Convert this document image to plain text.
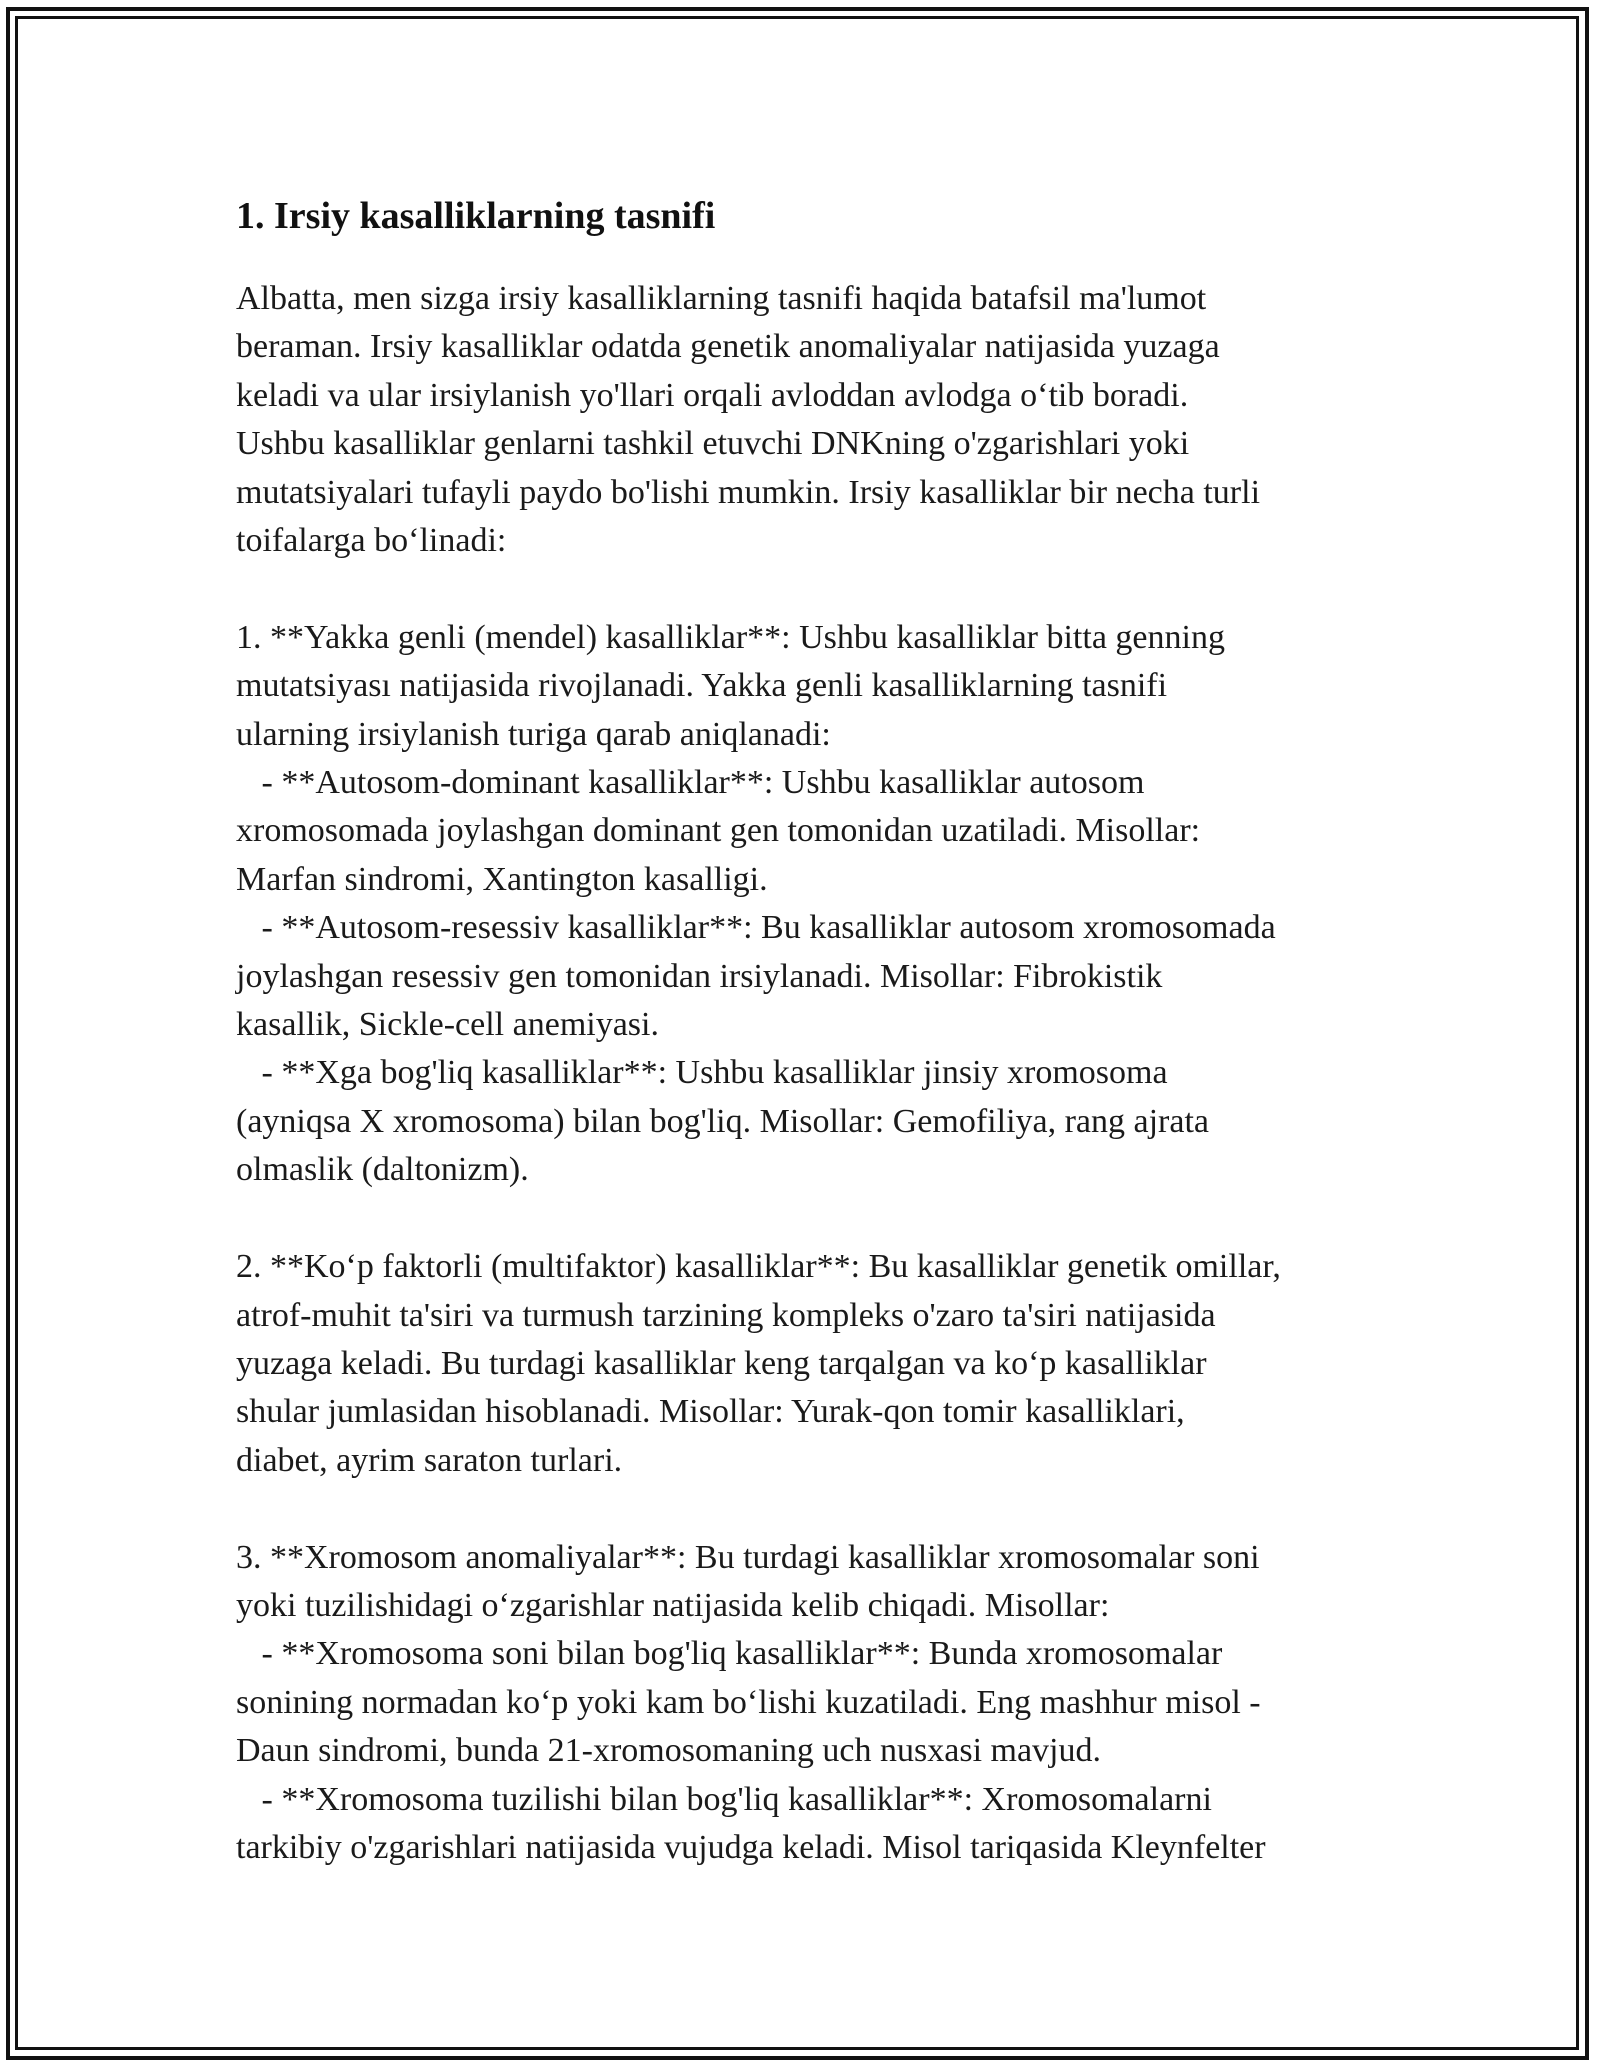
1. Irsiy kasalliklarning tasnifi

Albatta, men sizga irsiy kasalliklarning tasnifi haqida batafsil ma'lumot
beraman. Irsiy kasalliklar odatda genetik anomaliyalar natijasida yuzaga
keladi va ular irsiylanish yo'llari orqali avloddan avlodga o‘tib boradi.
Ushbu kasalliklar genlarni tashkil etuvchi DNKning o'zgarishlari yoki
mutatsiyalari tufayli paydo bo'lishi mumkin. Irsiy kasalliklar bir necha turli
toifalarga bo‘linadi:

1. **Yakka genli (mendel) kasalliklar**: Ushbu kasalliklar bitta genning
mutatsiyası natijasida rivojlanadi. Yakka genli kasalliklarning tasnifi
ularning irsiylanish turiga qarab aniqlanadi:
- **Autosom-dominant kasalliklar**: Ushbu kasalliklar autosom
xromosomada joylashgan dominant gen tomonidan uzatiladi. Misollar:
Marfan sindromi, Xantington kasalligi.
- **Autosom-resessiv kasalliklar**: Bu kasalliklar autosom xromosomada
joylashgan resessiv gen tomonidan irsiylanadi. Misollar: Fibrokistik
kasallik, Sickle-cell anemiyasi.
- **Xga bog'liq kasalliklar**: Ushbu kasalliklar jinsiy xromosoma
(ayniqsa X xromosoma) bilan bog'liq. Misollar: Gemofiliya, rang ajrata
olmaslik (daltonizm).

2. **Ko‘p faktorli (multifaktor) kasalliklar**: Bu kasalliklar genetik omillar,
atrof-muhit ta'siri va turmush tarzining kompleks o'zaro ta'siri natijasida
yuzaga keladi. Bu turdagi kasalliklar keng tarqalgan va ko‘p kasalliklar
shular jumlasidan hisoblanadi. Misollar: Yurak-qon tomir kasalliklari,
diabet, ayrim saraton turlari.

3. **Xromosom anomaliyalar**: Bu turdagi kasalliklar xromosomalar soni
yoki tuzilishidagi o‘zgarishlar natijasida kelib chiqadi. Misollar:
- **Xromosoma soni bilan bog'liq kasalliklar**: Bunda xromosomalar
sonining normadan ko‘p yoki kam bo‘lishi kuzatiladi. Eng mashhur misol -
Daun sindromi, bunda 21-xromosomaning uch nusxasi mavjud.
- **Xromosoma tuzilishi bilan bog'liq kasalliklar**: Xromosomalarni
tarkibiy o'zgarishlari natijasida vujudga keladi. Misol tariqasida Kleynfelter
